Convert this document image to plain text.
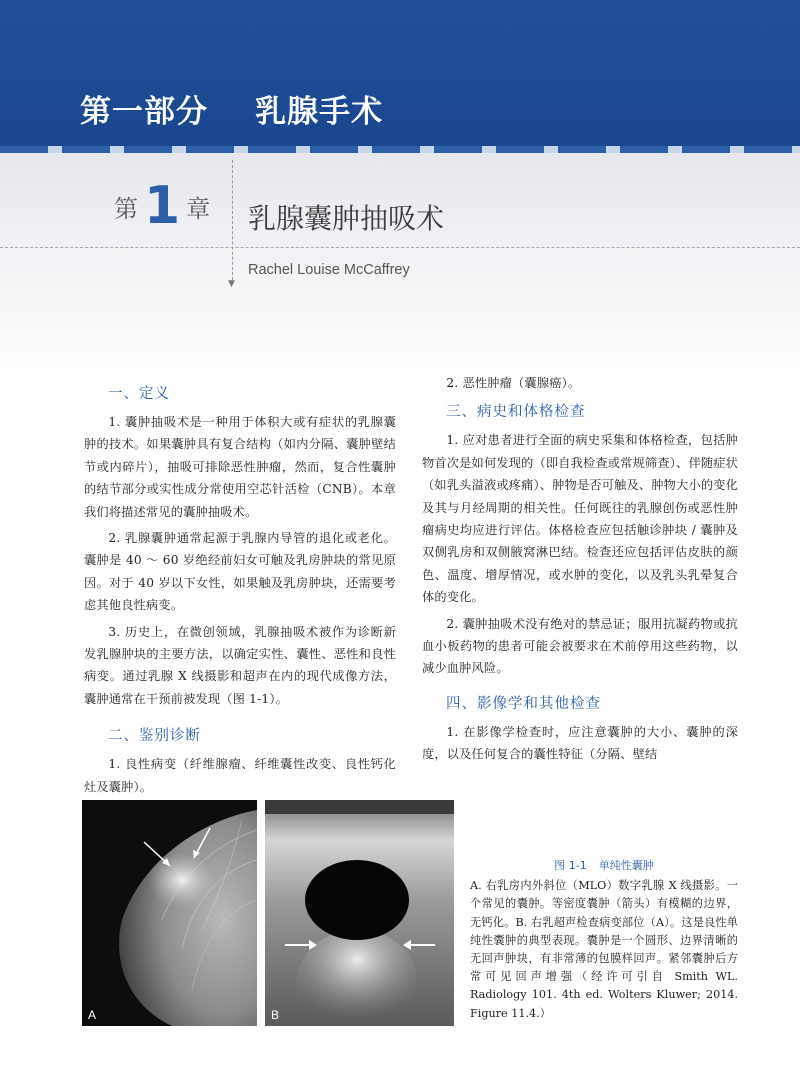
第一部分    乳腺手术
▼
第 1 章 乳腺囊肿抽吸术
Rachel Louise McCaffrey
一、定义

1. 囊肿抽吸术是一种用于体积大或有症状的乳腺囊肿的技术。如果囊肿具有复合结构（如内分隔、囊肿壁结节或内碎片），抽吸可排除恶性肿瘤，然而，复合性囊肿的结节部分或实性成分常使用空芯针活检（CNB）。本章我们将描述常见的囊肿抽吸术。

2. 乳腺囊肿通常起源于乳腺内导管的退化或老化。囊肿是 40 ～ 60 岁绝经前妇女可触及乳房肿块的常见原因。对于 40 岁以下女性，如果触及乳房肿块，还需要考虑其他良性病变。

3. 历史上，在微创领域，乳腺抽吸术被作为诊断新发乳腺肿块的主要方法，以确定实性、囊性、恶性和良性病变。通过乳腺 X 线摄影和超声在内的现代成像方法，囊肿通常在干预前被发现（图 1-1）。

二、鉴别诊断

1. 良性病变（纤维腺瘤、纤维囊性改变、良性钙化灶及囊肿）。

2. 恶性肿瘤（囊腺癌）。

三、病史和体格检查

1. 应对患者进行全面的病史采集和体格检查，包括肿物首次是如何发现的（即自我检查或常规筛查）、伴随症状（如乳头溢液或疼痛）、肿物是否可触及、肿物大小的变化及其与月经周期的相关性。任何既往的乳腺创伤或恶性肿瘤病史均应进行评估。体格检查应包括触诊肿块 / 囊肿及双侧乳房和双侧腋窝淋巴结。检查还应包括评估皮肤的颜色、温度、增厚情况，或水肿的变化，以及乳头乳晕复合体的变化。

2. 囊肿抽吸术没有绝对的禁忌证；服用抗凝药物或抗血小板药物的患者可能会被要求在术前停用这些药物，以减少血肿风险。

四、影像学和其他检查

1. 在影像学检查时，应注意囊肿的大小、囊肿的深度，以及任何复合的囊性特征（分隔、壁结

A	B
图 1-1 单纯性囊肿

A. 右乳房内外斜位（MLO）数字乳腺 X 线摄影。一个常见的囊肿。等密度囊肿（箭头）有模糊的边界，无钙化。B. 右乳超声检查病变部位（A）。这是良性单纯性囊肿的典型表现。囊肿是一个圆形、边界清晰的无回声肿块，有非常薄的包膜样回声。紧邻囊肿后方常可见回声增强（经许可引自 Smith WL. Radiology 101. 4th ed. Wolters Kluwer; 2014. Figure 11.4.）
